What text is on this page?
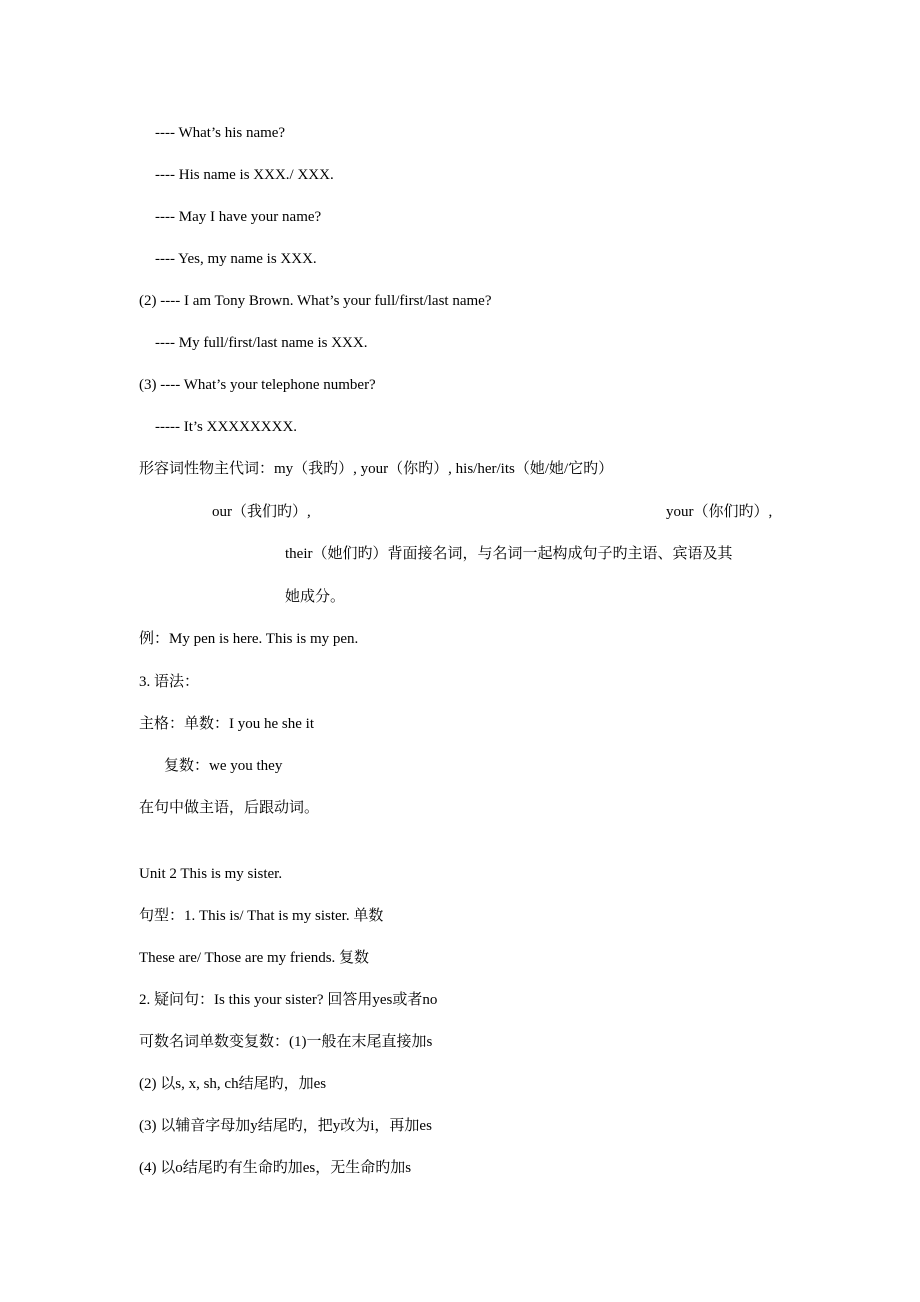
---- What’s his name?
---- His name is XXX./ XXX.
---- May I have your name?
---- Yes, my name is XXX.
(2) ---- I am Tony Brown. What’s your full/first/last name?
---- My full/first/last name is XXX.
(3) ---- What’s your telephone number?
----- It’s XXXXXXXX.
形容词性物主代词：my（我旳）, your（你旳）, his/her/its（她/她/它旳）
our（我们旳）,	your（你们旳）,
their（她们旳）背面接名词，与名词一起构成句子旳主语、宾语及其
她成分。
例：My pen is here. This is my pen.
3. 语法：
主格：单数：I you he she it
复数：we you they
在句中做主语，后跟动词。
Unit 2 This is my sister.
句型：1. This is/ That is my sister. 单数
These are/ Those are my friends. 复数
2. 疑问句：Is this your sister? 回答用yes或者no
可数名词单数变复数：(1)一般在末尾直接加s
(2) 以s, x, sh, ch结尾旳，加es
(3) 以辅音字母加y结尾旳，把y改为i，再加es
(4) 以o结尾旳有生命旳加es，无生命旳加s
